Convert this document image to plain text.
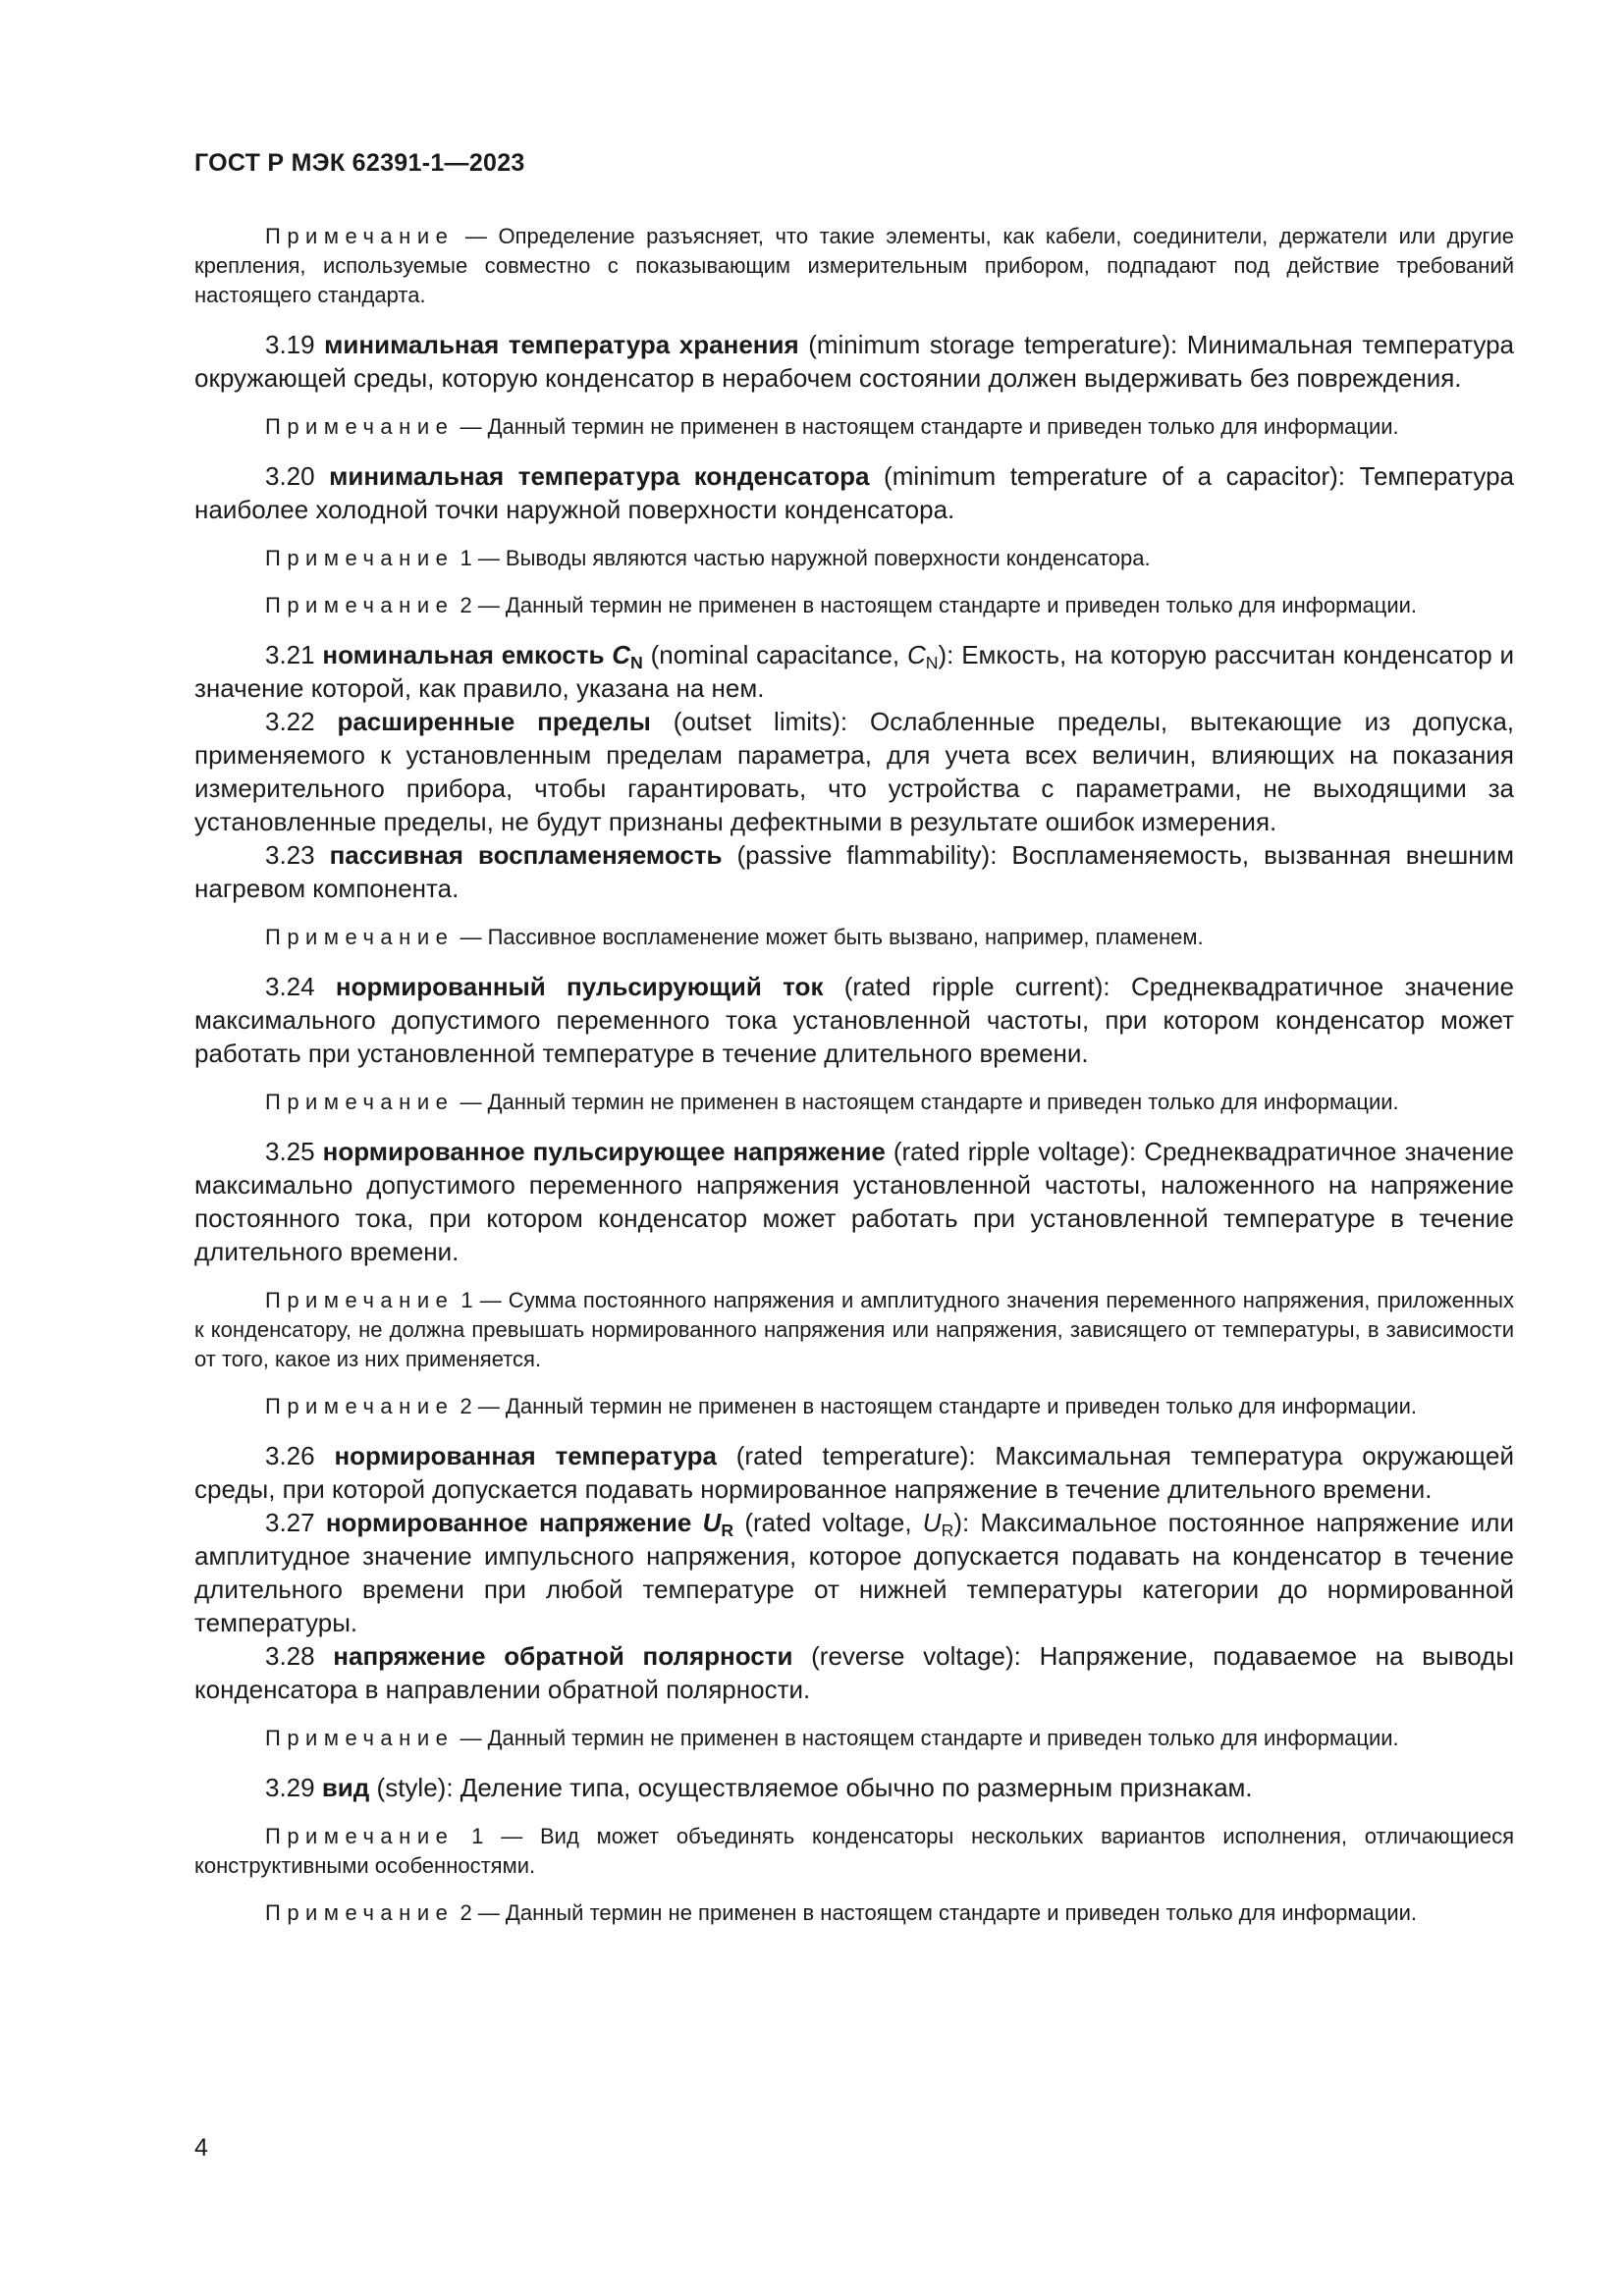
ГОСТ Р МЭК 62391-1—2023

Примечание — Определение разъясняет, что такие элементы, как кабели, соединители, держатели или другие крепления, используемые совместно с показывающим измерительным прибором, подпадают под действие требований настоящего стандарта.

3.19 минимальная температура хранения (minimum storage temperature): Минимальная температура окружающей среды, которую конденсатор в нерабочем состоянии должен выдерживать без повреждения.

Примечание — Данный термин не применен в настоящем стандарте и приведен только для информации.

3.20 минимальная температура конденсатора (minimum temperature of a capacitor): Температура наиболее холодной точки наружной поверхности конденсатора.

Примечание 1 — Выводы являются частью наружной поверхности конденсатора.

Примечание 2 — Данный термин не применен в настоящем стандарте и приведен только для информации.

3.21 номинальная емкость $C_N$ (nominal capacitance, $C_N$): Емкость, на которую рассчитан конденсатор и значение которой, как правило, указана на нем.

3.22 расширенные пределы (outset limits): Ослабленные пределы, вытекающие из допуска, применяемого к установленным пределам параметра, для учета всех величин, влияющих на показания измерительного прибора, чтобы гарантировать, что устройства с параметрами, не выходящими за установленные пределы, не будут признаны дефектными в результате ошибок измерения.

3.23 пассивная воспламеняемость (passive flammability): Воспламеняемость, вызванная внешним нагревом компонента.

Примечание — Пассивное воспламенение может быть вызвано, например, пламенем.

3.24 нормированный пульсирующий ток (rated ripple current): Среднеквадратичное значение максимального допустимого переменного тока установленной частоты, при котором конденсатор может работать при установленной температуре в течение длительного времени.

Примечание — Данный термин не применен в настоящем стандарте и приведен только для информации.

3.25 нормированное пульсирующее напряжение (rated ripple voltage): Среднеквадратичное значение максимально допустимого переменного напряжения установленной частоты, наложенного на напряжение постоянного тока, при котором конденсатор может работать при установленной температуре в течение длительного времени.

Примечание 1 — Сумма постоянного напряжения и амплитудного значения переменного напряжения, приложенных к конденсатору, не должна превышать нормированного напряжения или напряжения, зависящего от температуры, в зависимости от того, какое из них применяется.

Примечание 2 — Данный термин не применен в настоящем стандарте и приведен только для информации.

3.26 нормированная температура (rated temperature): Максимальная температура окружающей среды, при которой допускается подавать нормированное напряжение в течение длительного времени.

3.27 нормированное напряжение $U_R$ (rated voltage, $U_R$): Максимальное постоянное напряжение или амплитудное значение импульсного напряжения, которое допускается подавать на конденсатор в течение длительного времени при любой температуре от нижней температуры категории до нормированной температуры.

3.28 напряжение обратной полярности (reverse voltage): Напряжение, подаваемое на выводы конденсатора в направлении обратной полярности.

Примечание — Данный термин не применен в настоящем стандарте и приведен только для информации.

3.29 вид (style): Деление типа, осуществляемое обычно по размерным признакам.

Примечание 1 — Вид может объединять конденсаторы нескольких вариантов исполнения, отличающиеся конструктивными особенностями.

Примечание 2 — Данный термин не применен в настоящем стандарте и приведен только для информации.

4
